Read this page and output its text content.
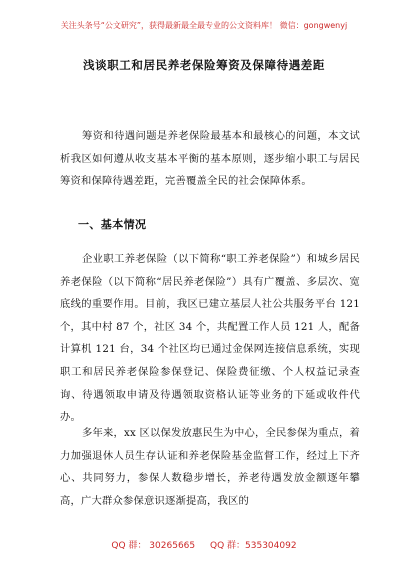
关注头条号“公文研究”，获得最新最全最专业的公文资料库！ 微信：gongwenyj
浅谈职工和居民养老保险筹资及保障待遇差距
筹资和待遇问题是养老保险最基本和最核心的问题，本文试析我区如何遵从收支基本平衡的基本原则，逐步缩小职工与居民筹资和保障待遇差距，完善覆盖全民的社会保障体系。
一、基本情况
企业职工养老保险（以下简称“职工养老保险”）和城乡居民养老保险（以下简称“居民养老保险”）具有广覆盖、多层次、宽底线的重要作用。目前，我区已建立基层人社公共服务平台 121 个，其中村 87 个，社区 34 个，共配置工作人员 121 人，配备计算机 121 台，34 个社区均已通过金保网连接信息系统，实现职工和居民养老保险参保登记、保险费征缴、个人权益记录查询、待遇领取申请及待遇领取资格认证等业务的下延或收件代办。
多年来，xx 区以保发放惠民生为中心，全民参保为重点，着力加强退休人员生存认证和养老保险基金监督工作，经过上下齐心、共同努力，参保人数稳步增长，养老待遇发放金额逐年攀高，广大群众参保意识逐渐提高，我区的
QQ 群： 30265665 QQ 群：535304092
